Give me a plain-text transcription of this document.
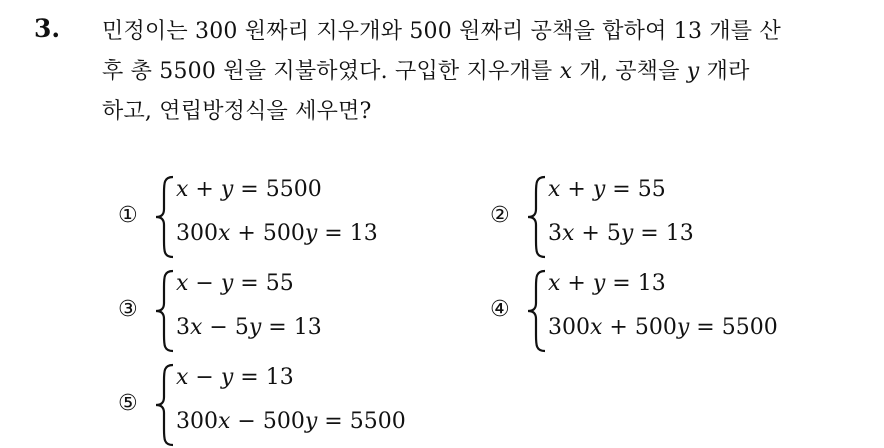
3. 민정이는 300 원짜리 지우개와 500 원짜리 공책을 합하여 13 개를 산
후 총 5500 원을 지불하였다. 구입한 지우개를 x 개, 공책을 y 개라
하고, 연립방정식을 세우면?
①
x + y = 5500
300x + 500y = 13
②
x + y = 55
3x + 5y = 13
③
x − y = 55
3x − 5y = 13
④
x + y = 13
300x + 500y = 5500
⑤
x − y = 13
300x − 500y = 5500
